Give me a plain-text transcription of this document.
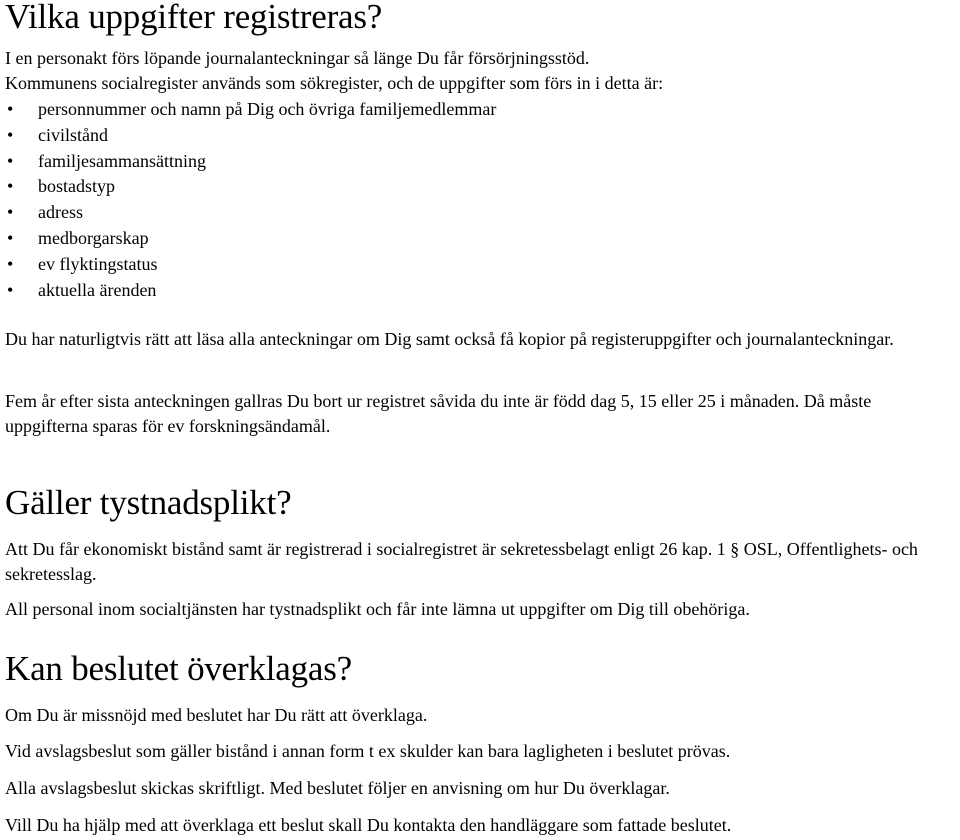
Vilka uppgifter registreras?

I en personakt förs löpande journalanteckningar så länge Du får försörjningsstöd.

Kommunens socialregister används som sökregister, och de uppgifter som förs in i detta är:

• personnummer och namn på Dig och övriga familjemedlemmar
• civilstånd
• familjesammansättning
• bostadstyp
• adress
• medborgarskap
• ev flyktingstatus
• aktuella ärenden

Du har naturligtvis rätt att läsa alla anteckningar om Dig samt också få kopior på registeruppgifter och journalanteckningar.

Fem år efter sista anteckningen gallras Du bort ur registret såvida du inte är född dag 5, 15 eller 25 i månaden. Då måste uppgifterna sparas för ev forskningsändamål.

Gäller tystnadsplikt?

Att Du får ekonomiskt bistånd samt är registrerad i socialregistret är sekretessbelagt enligt 26 kap. 1 § OSL, Offentlighets- och sekretesslag.

All personal inom socialtjänsten har tystnadsplikt och får inte lämna ut uppgifter om Dig till obehöriga.

Kan beslutet överklagas?

Om Du är missnöjd med beslutet har Du rätt att överklaga.

Vid avslagsbeslut som gäller bistånd i annan form t ex skulder kan bara lagligheten i beslutet prövas.

Alla avslagsbeslut skickas skriftligt. Med beslutet följer en anvisning om hur Du överklagar.

Vill Du ha hjälp med att överklaga ett beslut skall Du kontakta den handläggare som fattade beslutet.
